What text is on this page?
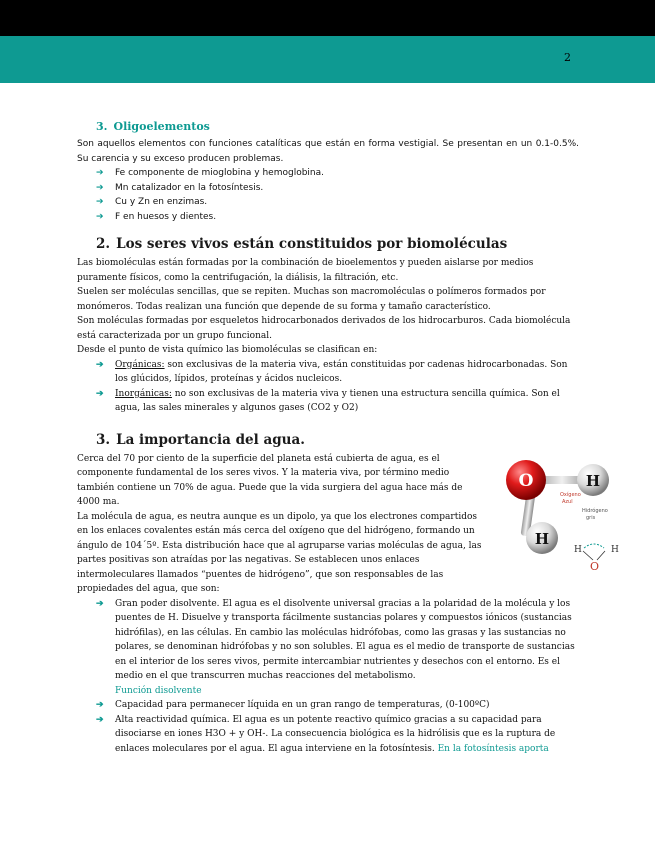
2
3. Oligoelementos

Son aquellos elementos con funciones catalíticas que están en forma vestigial. Se presentan en un 0.1-0.5%. Su carencia y su exceso producen problemas.

➔ Fe componente de mioglobina y hemoglobina.
➔ Mn catalizador en la fotosíntesis.
➔ Cu y Zn en enzimas.
➔ F en huesos y dientes.
2. Los seres vivos están constituidos por biomoléculas

Las biomoléculas están formadas por la combinación de bioelementos y pueden aislarse por medios puramente físicos, como la centrifugación, la diálisis, la filtración, etc.

Suelen ser moléculas sencillas, que se repiten. Muchas son macromoléculas o polímeros formados por monómeros. Todas realizan una función que depende de su forma y tamaño característico.

Son moléculas formadas por esqueletos hidrocarbonados derivados de los hidrocarburos. Cada biomolécula está caracterizada por un grupo funcional.

Desde el punto de vista químico las biomoléculas se clasifican en:

➔ Orgánicas: son exclusivas de la materia viva, están constituidas por cadenas hidrocarbonadas. Son los glúcidos, lípidos, proteínas y ácidos nucleicos.
➔ Inorgánicas: no son exclusivas de la materia viva y tienen una estructura sencilla química. Son el agua, las sales minerales y algunos gases (CO2 y O2)
3. La importancia del agua.

Cerca del 70 por ciento de la superficie del planeta está cubierta de agua, es el componente fundamental de los seres vivos. Y la materia viva, por término medio también contiene un 70% de agua. Puede que la vida surgiera del agua hace más de 4000 ma.

La molécula de agua, es neutra aunque es un dipolo, ya que los electrones compartidos en los enlaces covalentes están más cerca del oxígeno que del hidrógeno, formando un ángulo de 104´5º. Esta distribución hace que al agruparse varias moléculas de agua, las partes positivas son atraídas por las negativas. Se establecen unos enlaces intermoleculares llamados “puentes de hidrógeno”, que son responsables de las propiedades del agua, que son:

➔ Gran poder disolvente. El agua es el disolvente universal gracias a la polaridad de la molécula y los puentes de H. Disuelve y transporta fácilmente sustancias polares y compuestos iónicos (sustancias hidrófilas), en las células. En cambio las moléculas hidrófobas, como las grasas y las sustancias no polares, se denominan hidrófobas y no son solubles. El agua es el medio de transporte de sustancias en el interior de los seres vivos, permite intercambiar nutrientes y desechos con el entorno. Es el medio en el que transcurren muchas reacciones del metabolismo.
Función disolvente
➔ Capacidad para permanecer líquida en un gran rango de temperaturas, (0-100ºC)
➔ Alta reactividad química. El agua es un potente reactivo químico gracias a su capacidad para disociarse en iones H3O + y OH-. La consecuencia biológica es la hidrólisis que es la ruptura de enlaces moleculares por el agua. El agua interviene en la fotosíntesis. En la fotosíntesis aporta
O	H
H
Oxígeno
Azul
Hidrógeno
gris
H	H
O
